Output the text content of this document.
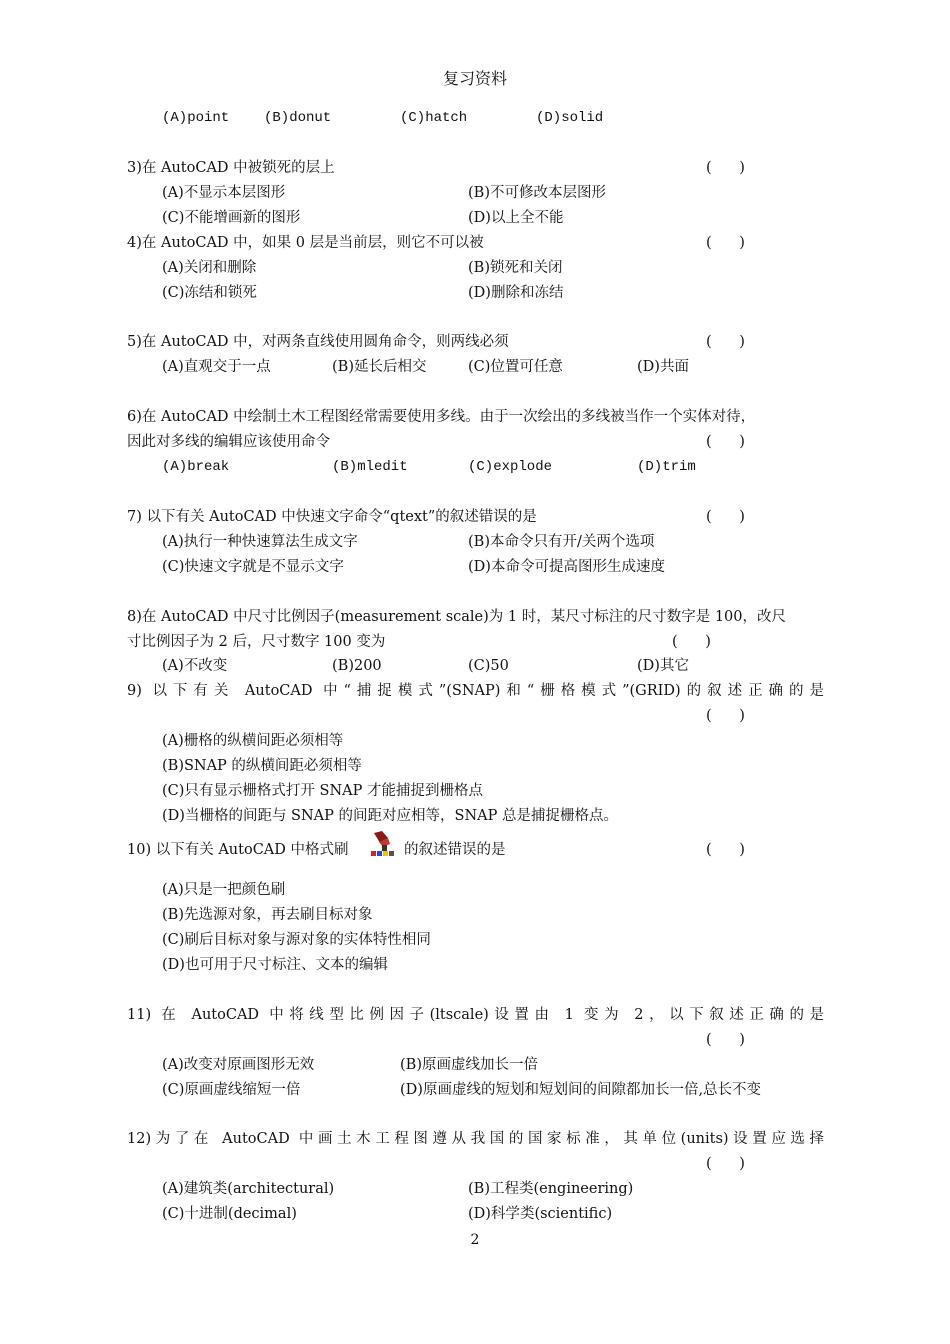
复习资料
(A)point (B)donut	(C)hatch	(D)solid
3)在 AutoCAD 中被锁死的层上	(      )
(A)不显示本层图形	(B)不可修改本层图形
(C)不能增画新的图形	(D)以上全不能
4)在 AutoCAD 中，如果 0 层是当前层，则它不可以被	(      )
(A)关闭和删除	(B)锁死和关闭
(C)冻结和锁死	(D)删除和冻结
5)在 AutoCAD 中，对两条直线使用圆角命令，则两线必须	(      )
(A)直观交于一点	(B)延长后相交	(C)位置可任意	(D)共面
6)在 AutoCAD 中绘制土木工程图经常需要使用多线。由于一次绘出的多线被当作一个实体对待，
因此对多线的编辑应该使用命令	(      )
(A)break	(B)mledit	(C)explode	(D)trim
7) 以下有关 AutoCAD 中快速文字命令“qtext”的叙述错误的是	(      )
(A)执行一种快速算法生成文字	(B)本命令只有开/关两个选项
(C)快速文字就是不显示文字	(D)本命令可提高图形生成速度
8)在 AutoCAD 中尺寸比例因子(measurement scale)为 1 时，某尺寸标注的尺寸数字是 100，改尺
寸比例因子为 2 后，尺寸数字 100 变为	(      )
(A)不改变	(B)200	(C)50	(D)其它
9) 以下有关 AutoCAD 中“捕捉模式”(SNAP)和“栅格模式”(GRID)的叙述正确的是
(      )
(A)栅格的纵横间距必须相等
(B)SNAP 的纵横间距必须相等
(C)只有显示栅格式打开 SNAP 才能捕捉到栅格点
(D)当栅格的间距与 SNAP 的间距对应相等，SNAP 总是捕捉栅格点。
10) 以下有关 AutoCAD 中格式刷	的叙述错误的是	(      )
(A)只是一把颜色刷
(B)先选源对象，再去刷目标对象
(C)刷后目标对象与源对象的实体特性相同
(D)也可用于尺寸标注、文本的编辑
11) 在 AutoCAD 中将线型比例因子(ltscale)设置由 1 变为 2，以下叙述正确的是
(      )
(A)改变对原画图形无效	(B)原画虚线加长一倍
(C)原画虚线缩短一倍	(D)原画虚线的短划和短划间的间隙都加长一倍,总长不变
12)为了在 AutoCAD 中画土木工程图遵从我国的国家标准，其单位(units)设置应选择
(      )
(A)建筑类(architectural)	(B)工程类(engineering)
(C)十进制(decimal)	(D)科学类(scientific)
2
